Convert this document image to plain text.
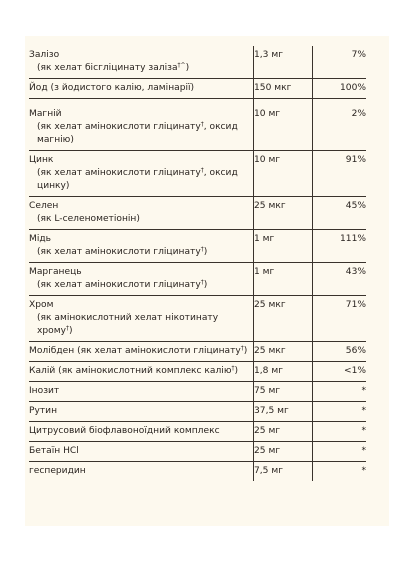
Залізо
(як хелат бісгліцинату заліза†^)	1,3 мг	7%
Йод (з йодистого калію, ламінарії)	150 мкг	100%
Магній
(як хелат амінокислоти гліцинату†, оксид магнію)	10 мг	2%
Цинк
(як хелат амінокислоти гліцинату†, оксид цинку)	10 мг	91%
Селен
(як L-селенометіонін)	25 мкг	45%
Мідь
(як хелат амінокислоти гліцинату†)	1 мг	111%
Марганець
(як хелат амінокислоти гліцинату†)	1 мг	43%
Хром
(як амінокислотний хелат нікотинату хрому†)	25 мкг	71%
Молібден (як хелат амінокислоти гліцинату†)	25 мкг	56%
Калій (як амінокислотний комплекс калію†)	1,8 мг	<1%
Інозит	75 мг	*
Рутин	37,5 мг	*
Цитрусовий біофлавоноїдний комплекс	25 мг	*
Бетаїн HCl	25 мг	*
гесперидин	7,5 мг	*
